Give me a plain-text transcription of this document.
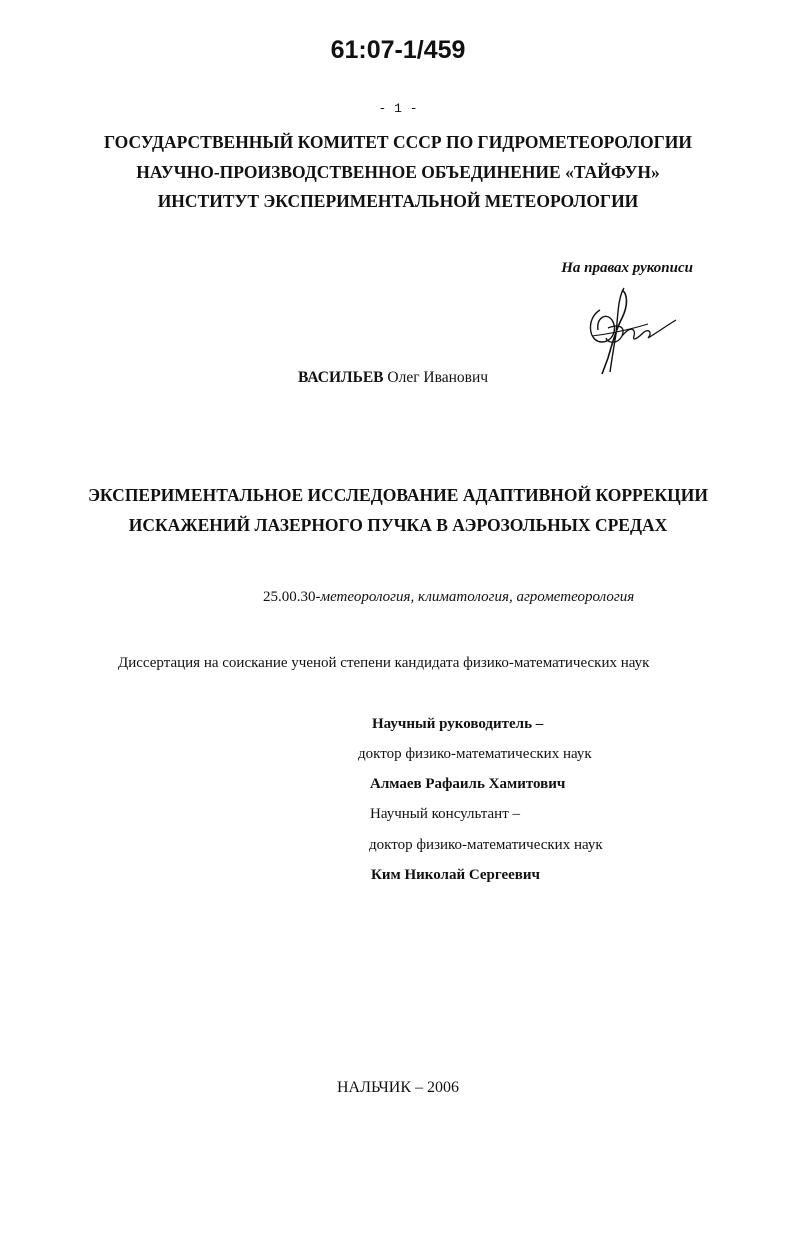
61:07-1/459

- 1 -

ГОСУДАРСТВЕННЫЙ КОМИТЕТ СССР ПО ГИДРОМЕТЕОРОЛОГИИ

НАУЧНО-ПРОИЗВОДСТВЕННОЕ ОБЪЕДИНЕНИЕ «ТАЙФУН»

ИНСТИТУТ ЭКСПЕРИМЕНТАЛЬНОЙ МЕТЕОРОЛОГИИ

На правах рукописи

ВАСИЛЬЕВ Олег Иванович

ЭКСПЕРИМЕНТАЛЬНОЕ ИССЛЕДОВАНИЕ АДАПТИВНОЙ КОРРЕКЦИИ

ИСКАЖЕНИЙ ЛАЗЕРНОГО ПУЧКА В АЭРОЗОЛЬНЫХ СРЕДАХ

25.00.30-метеорология, климатология, агрометеорология

Диссертация на соискание ученой степени кандидата физико-математических наук

Научный руководитель –

доктор физико-математических наук

Алмаев Рафаиль Хамитович

Научный консультант –

доктор физико-математических наук

Ким Николай Сергеевич

НАЛЬЧИК – 2006
